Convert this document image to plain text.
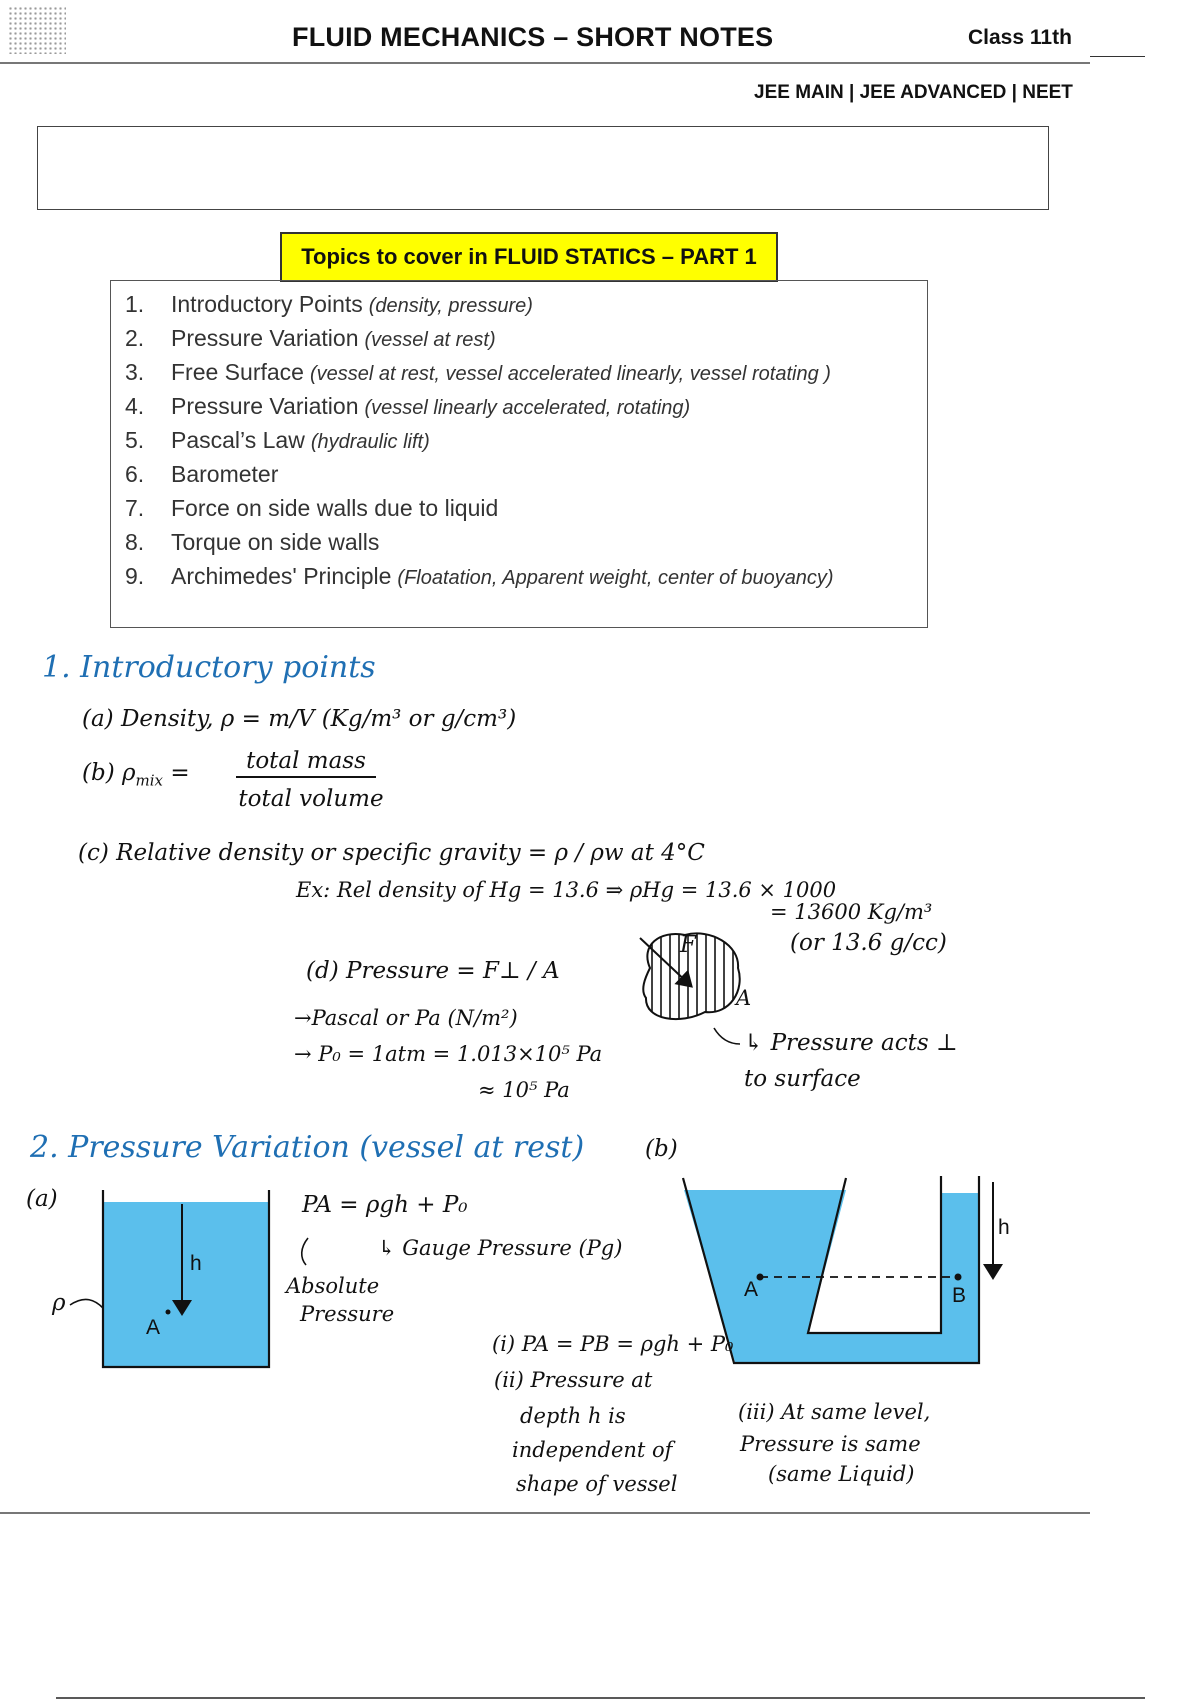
FLUID MECHANICS – SHORT NOTES	Class 11th
JEE MAIN | JEE ADVANCED | NEET
Topics to cover in FLUID STATICS – PART 1
1. Introductory Points (density, pressure)
2. Pressure Variation (vessel at rest)
3. Free Surface (vessel at rest, vessel accelerated linearly, vessel rotating )
4. Pressure Variation (vessel linearly accelerated, rotating)
5. Pascal’s Law (hydraulic lift)
6. Barometer
7. Force on side walls due to liquid
8. Torque on side walls
9. Archimedes' Principle (Floatation, Apparent weight, center of buoyancy)
1. Introductory points
(a) Density, ρ = m/V (Kg/m³ or g/cm³)
(b) $\rho_{mix}$ =	total mass
total volume
(c) Relative density or specific gravity = ρ / ρw at 4°C
Ex: Rel density of Hg = 13.6 ⇒ ρHg = 13.6 × 1000
= 13600 Kg/m³
(or 13.6 g/cc)
(d) Pressure = F⊥ / A
→Pascal or Pa (N/m²)
→ P₀ = 1atm = 1.013×10⁵ Pa
≈ 10⁵ Pa
F
A
↳ Pressure acts ⊥
to surface
2. Pressure Variation (vessel at rest)
(a)
(b)
ρ
h
A
PA = ρgh + P₀
↳ Gauge Pressure (Pg)
Absolute
Pressure
A	B
h
(i) PA = PB = ρgh + P₀
(ii) Pressure at
depth h is
independent of
shape of vessel
(iii) At same level,
Pressure is same
(same Liquid)
